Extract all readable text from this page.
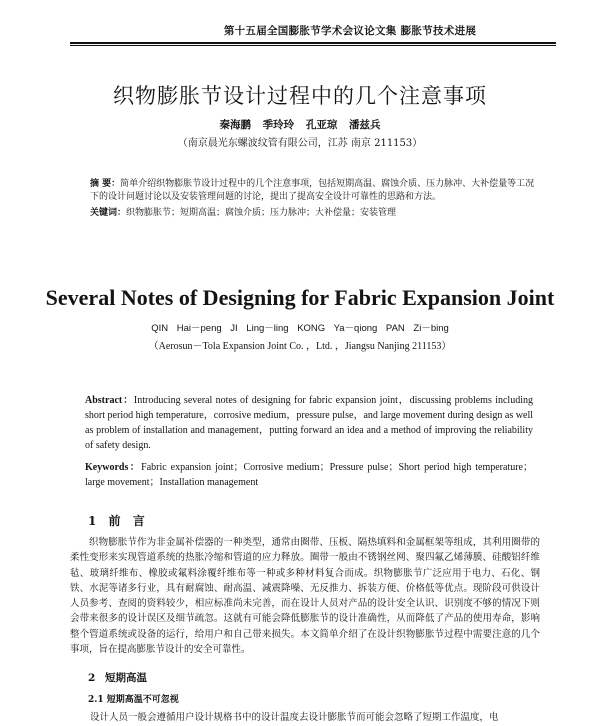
第十五届全国膨胀节学术会议论文集 膨胀节技术进展
织物膨胀节设计过程中的几个注意事项
秦海鹏 季玲玲 孔亚琼 潘兹兵
（南京晨光东螺波纹管有限公司，江苏 南京 211153）
摘 要：简单介绍织物膨胀节设计过程中的几个注意事项，包括短期高温、腐蚀介质、压力脉冲、大补偿量等工况下的设计问题讨论以及安装管理问题的讨论，提出了提高安全设计可靠性的思路和方法。
关键词：织物膨胀节；短期高温；腐蚀介质；压力脉冲；大补偿量；安装管理
Several Notes of Designing for Fabric Expansion Joint
QIN Hai－peng JI Ling－ling KONG Ya－qiong PAN Zi－bing
（Aerosun－Tola Expansion Joint Co. ，Ltd. ，Jiangsu Nanjing 211153）
Abstract：Introducing several notes of designing for fabric expansion joint，discussing problems including short period high temperature，corrosive medium，pressure pulse，and large movement during design as well as problem of installation and management，putting forward an idea and a method of improving the reliability of safety design.
Keywords：Fabric expansion joint；Corrosive medium；Pressure pulse；Short period high temperature；large movement；Installation management
1 前 言
织物膨胀节作为非金属补偿器的一种类型，通常由圈带、压板、隔热填料和金属框架等组成，其利用圈带的柔性变形来实现管道系统的热胀冷缩和管道的应力释放。圈带一般由不锈钢丝网、聚四氟乙烯薄膜、硅酸铝纤维毡、玻璃纤维布、橡胶或氟料涂覆纤维布等一种或多种材料复合而成。织物膨胀节广泛应用于电力、石化、钢铁、水泥等诸多行业，具有耐腐蚀、耐高温、减震降噪、无反推力、拆装方便、价格低等优点。现阶段可供设计人员参考、查阅的资料较少，相应标准尚未完善，而在设计人员对产品的设计安全认识、识别度不够的情况下则会带来很多的设计误区及细节疏忽。这就有可能会降低膨胀节的设计准确性，从而降低了产品的使用寿命，影响整个管道系统或设备的运行，给用户和自己带来损失。本文简单介绍了在设计织物膨胀节过程中需要注意的几个事项，旨在提高膨胀节设计的安全可靠性。
2 短期高温
2.1 短期高温不可忽视
设计人员一般会遵循用户设计规格书中的设计温度去设计膨胀节而可能会忽略了短期工作温度，电
